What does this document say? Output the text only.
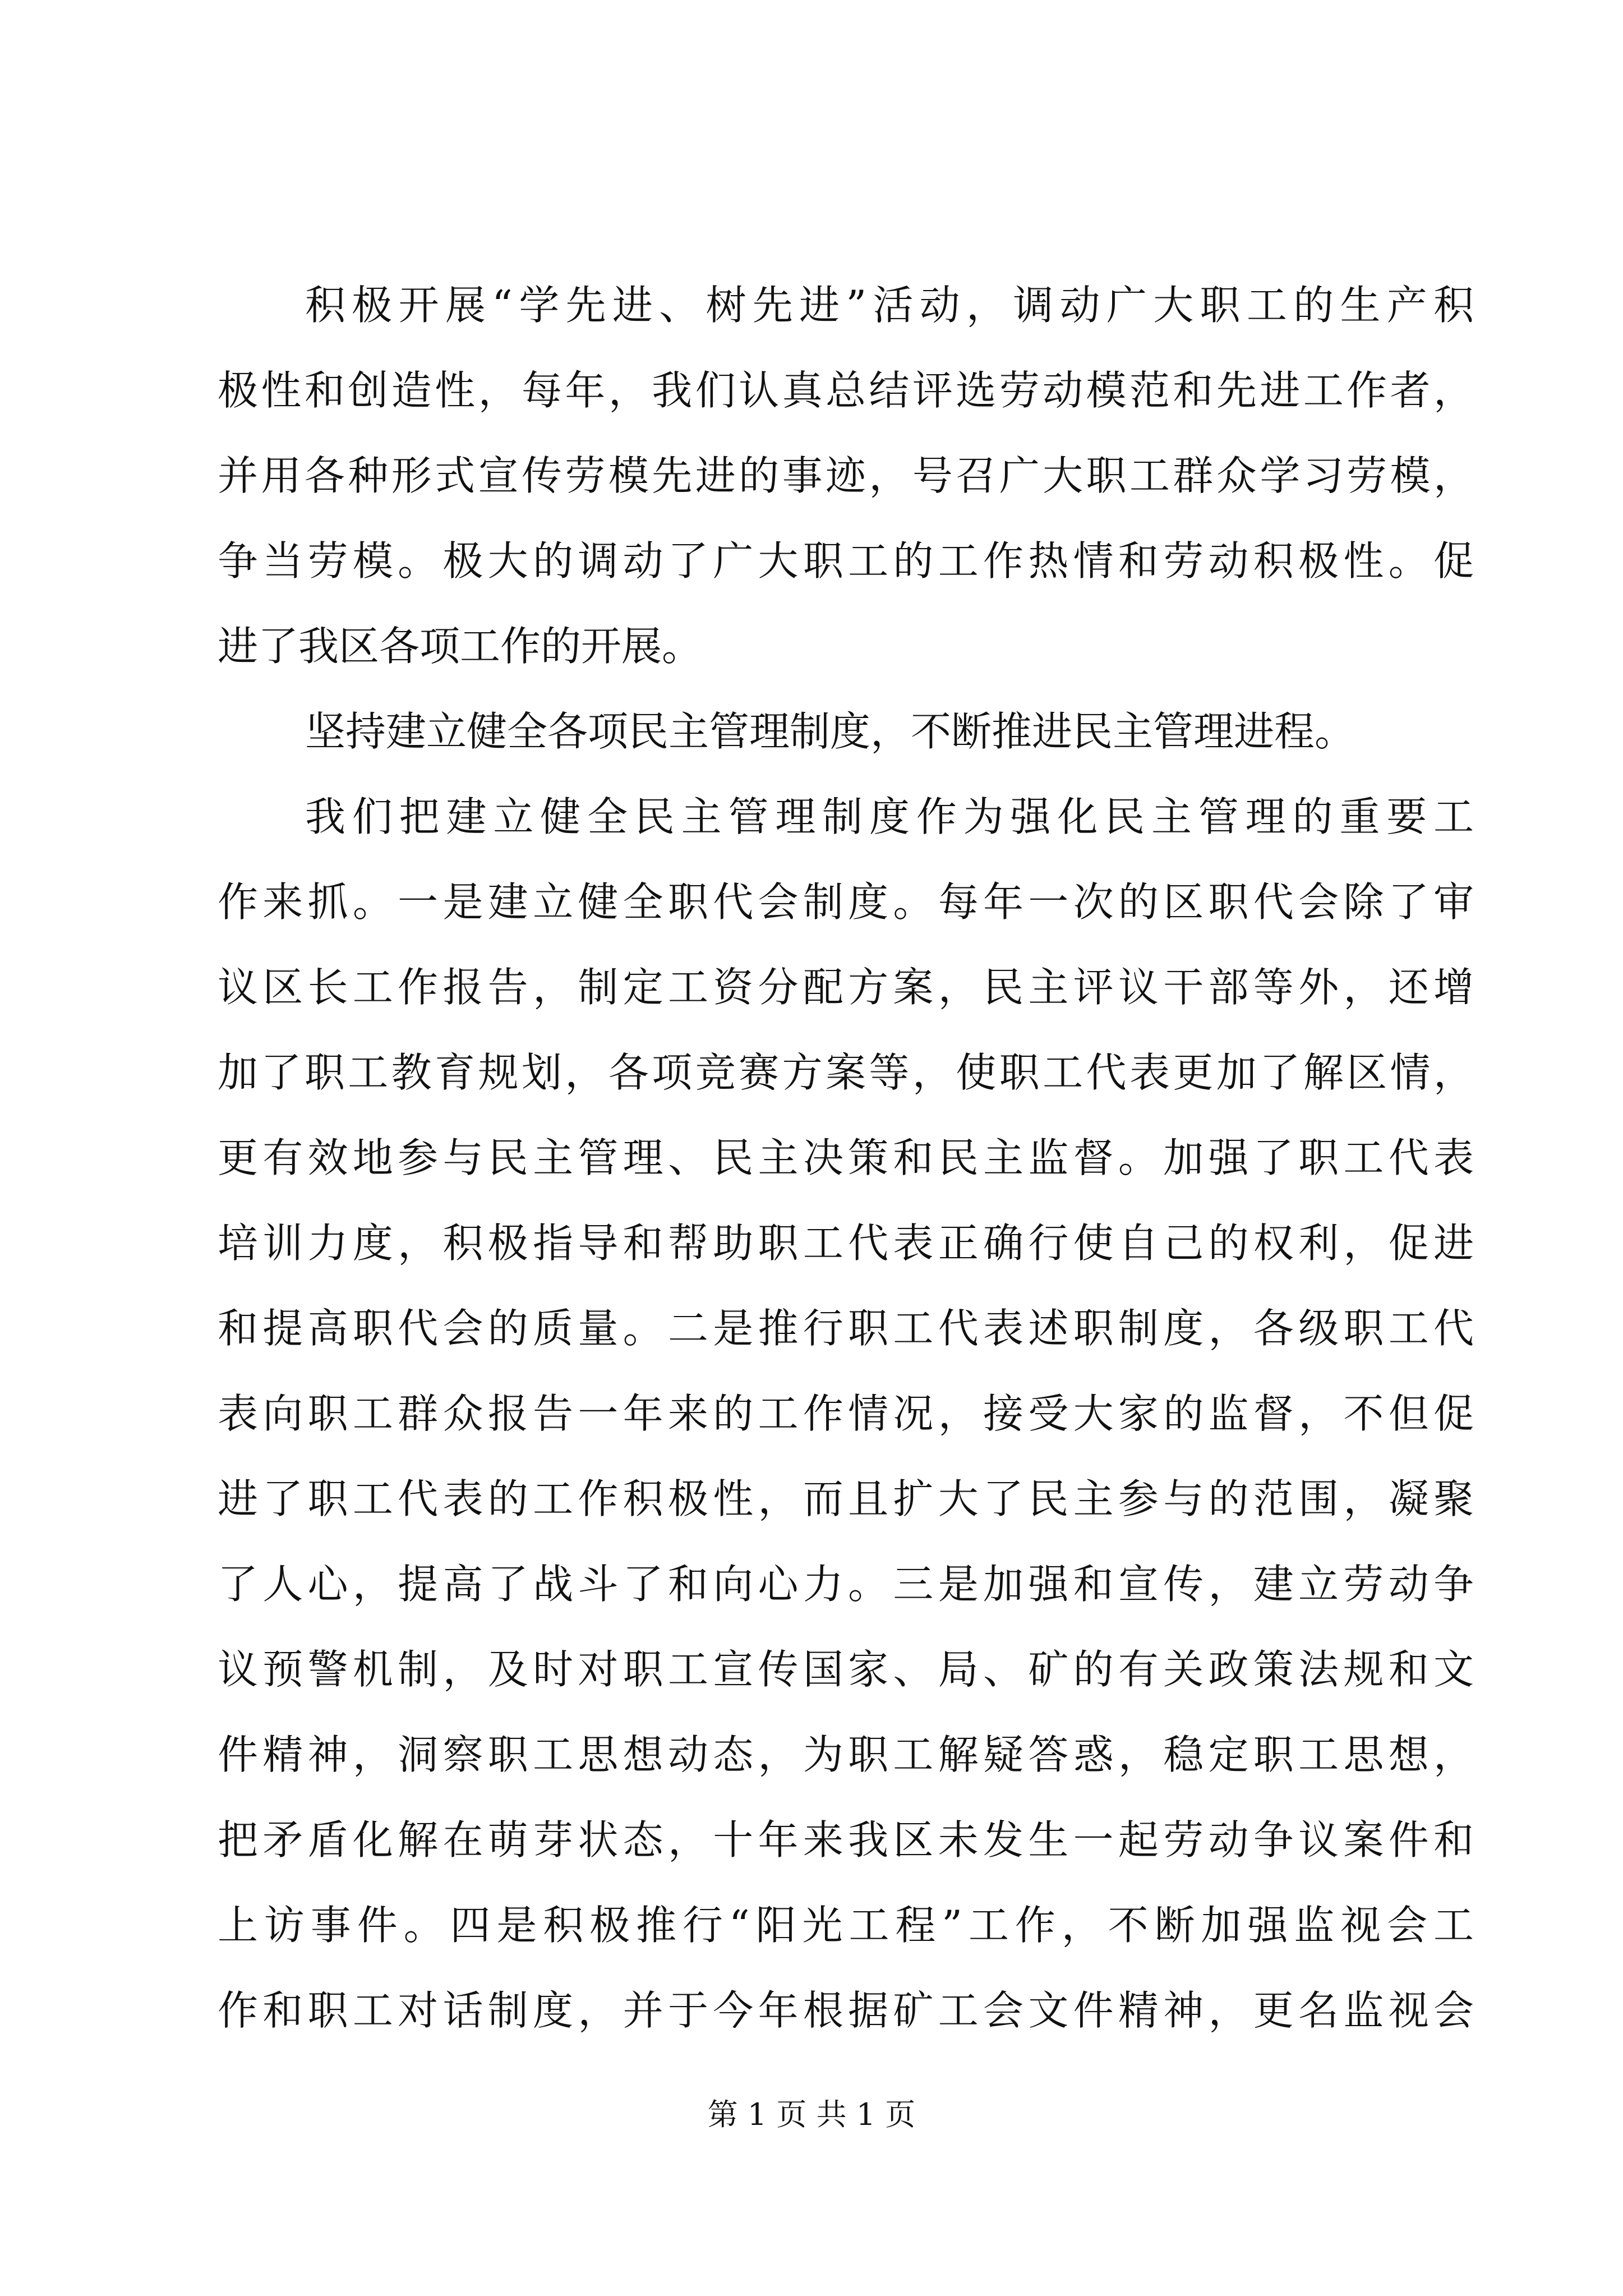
积极开展“学先进、树先进”活动，调动广大职工的生产积
极性和创造性，每年，我们认真总结评选劳动模范和先进工作者，
并用各种形式宣传劳模先进的事迹，号召广大职工群众学习劳模，
争当劳模。极大的调动了广大职工的工作热情和劳动积极性。促
进了我区各项工作的开展。
坚持建立健全各项民主管理制度，不断推进民主管理进程。
我们把建立健全民主管理制度作为强化民主管理的重要工
作来抓。一是建立健全职代会制度。每年一次的区职代会除了审
议区长工作报告，制定工资分配方案，民主评议干部等外，还增
加了职工教育规划，各项竞赛方案等，使职工代表更加了解区情，
更有效地参与民主管理、民主决策和民主监督。加强了职工代表
培训力度，积极指导和帮助职工代表正确行使自己的权利，促进
和提高职代会的质量。二是推行职工代表述职制度，各级职工代
表向职工群众报告一年来的工作情况，接受大家的监督，不但促
进了职工代表的工作积极性，而且扩大了民主参与的范围，凝聚
了人心，提高了战斗了和向心力。三是加强和宣传，建立劳动争
议预警机制，及时对职工宣传国家、局、矿的有关政策法规和文
件精神，洞察职工思想动态，为职工解疑答惑，稳定职工思想，
把矛盾化解在萌芽状态，十年来我区未发生一起劳动争议案件和
上访事件。四是积极推行“阳光工程”工作，不断加强监视会工
作和职工对话制度，并于今年根据矿工会文件精神，更名监视会
第 1 页 共 1 页
